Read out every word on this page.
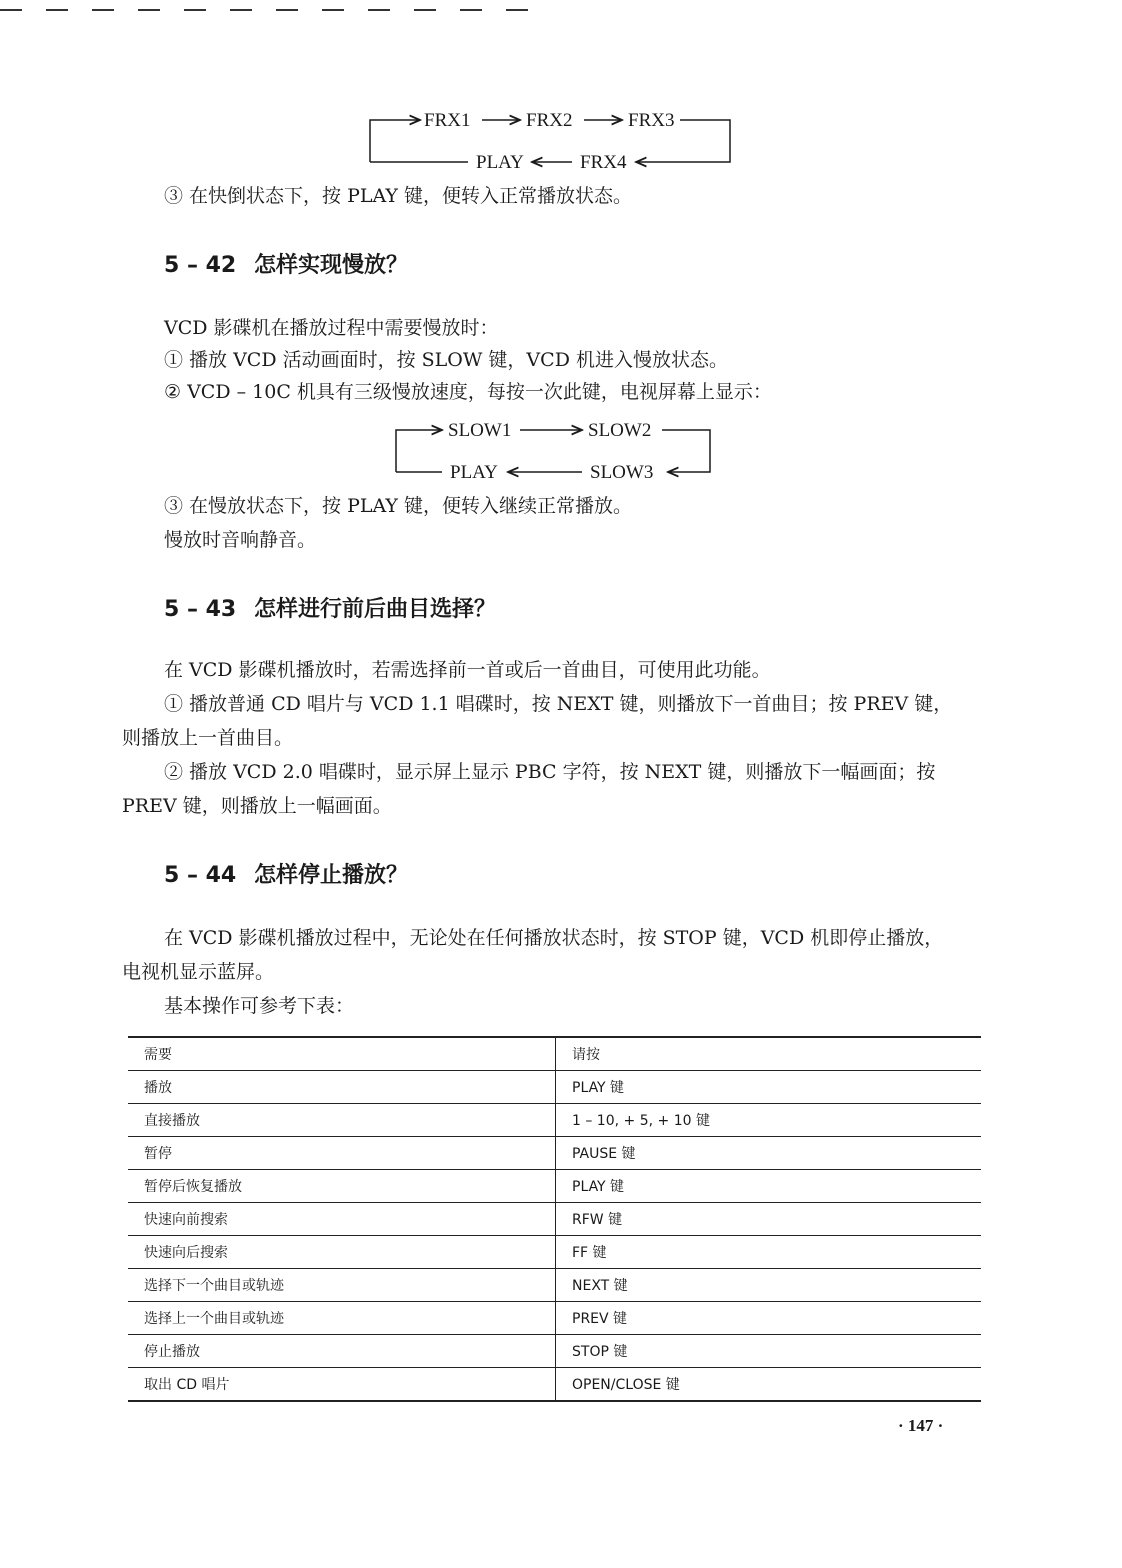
FRX1	FRX2	FRX3
FRX4
PLAY
③ 在快倒状态下，按 PLAY 键，便转入正常播放状态。
5 – 42 怎样实现慢放？
VCD 影碟机在播放过程中需要慢放时：
① 播放 VCD 活动画面时，按 SLOW 键，VCD 机进入慢放状态。
② VCD – 10C 机具有三级慢放速度，每按一次此键，电视屏幕上显示：
SLOW1	SLOW2
SLOW3
PLAY
③ 在慢放状态下，按 PLAY 键，便转入继续正常播放。
慢放时音响静音。
5 – 43 怎样进行前后曲目选择？
在 VCD 影碟机播放时，若需选择前一首或后一首曲目，可使用此功能。
① 播放普通 CD 唱片与 VCD 1.1 唱碟时，按 NEXT 键，则播放下一首曲目；按 PREV 键，
则播放上一首曲目。
② 播放 VCD 2.0 唱碟时，显示屏上显示 PBC 字符，按 NEXT 键，则播放下一幅画面；按
PREV 键，则播放上一幅画面。
5 – 44 怎样停止播放？
在 VCD 影碟机播放过程中，无论处在任何播放状态时，按 STOP 键，VCD 机即停止播放，
电视机显示蓝屏。
基本操作可参考下表：
需要	请按
播放	PLAY 键
直接播放	1 – 10, + 5, + 10 键
暂停	PAUSE 键
暂停后恢复播放	PLAY 键
快速向前搜索	RFW 键
快速向后搜索	FF 键
选择下一个曲目或轨迹	NEXT 键
选择上一个曲目或轨迹	PREV 键
停止播放	STOP 键
取出 CD 唱片	OPEN/CLOSE 键
· 147 ·
